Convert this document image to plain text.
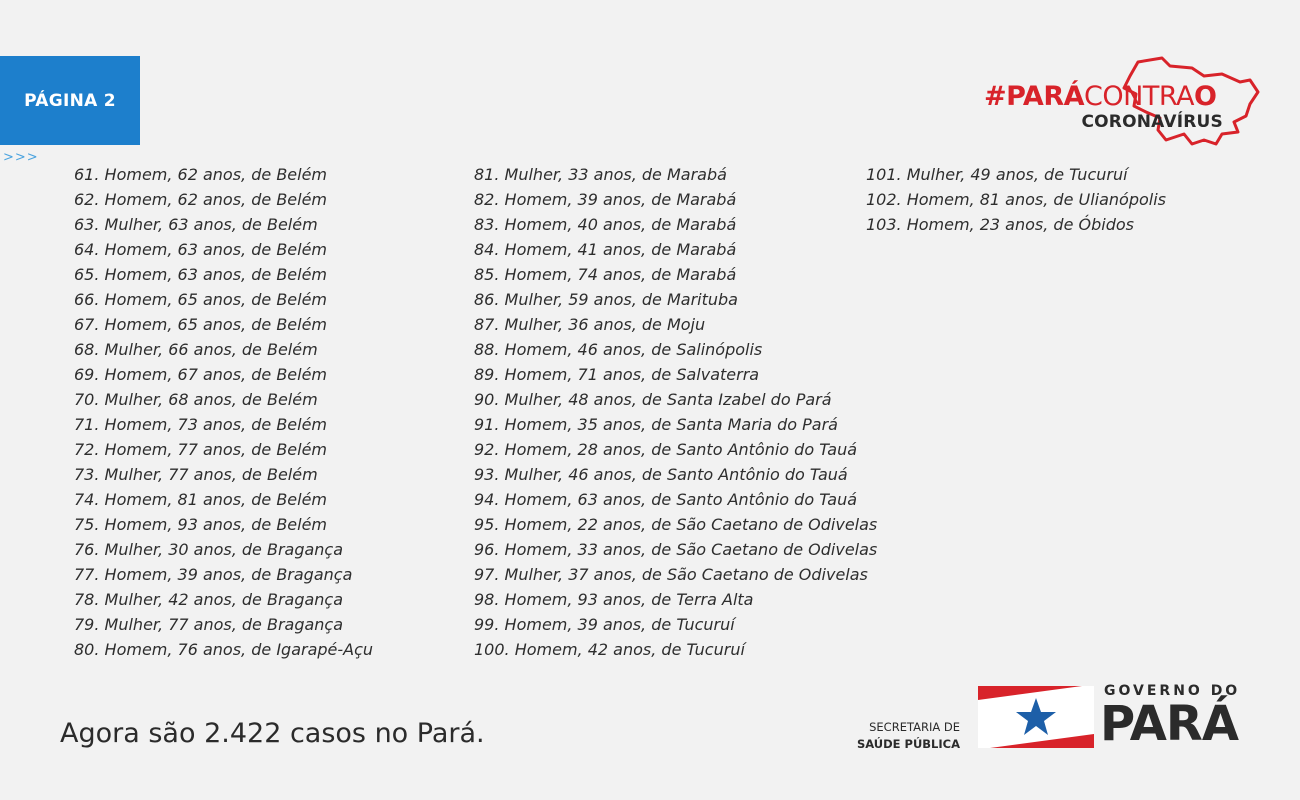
PÁGINA 2
>>>
#PARÁCONTRAO
CORONAVÍRUS
61. Homem, 62 anos, de Belém
62. Homem, 62 anos, de Belém
63. Mulher, 63 anos, de Belém
64. Homem, 63 anos, de Belém
65. Homem, 63 anos, de Belém
66. Homem, 65 anos, de Belém
67. Homem, 65 anos, de Belém
68. Mulher, 66 anos, de Belém
69. Homem, 67 anos, de Belém
70. Mulher, 68 anos, de Belém
71. Homem, 73 anos, de Belém
72. Homem, 77 anos, de Belém
73. Mulher, 77 anos, de Belém
74. Homem, 81 anos, de Belém
75. Homem, 93 anos, de Belém
76. Mulher, 30 anos, de Bragança
77. Homem, 39 anos, de Bragança
78. Mulher, 42 anos, de Bragança
79. Mulher, 77 anos, de Bragança
80. Homem, 76 anos, de Igarapé-Açu
81. Mulher, 33 anos, de Marabá
82. Homem, 39 anos, de Marabá
83. Homem, 40 anos, de Marabá
84. Homem, 41 anos, de Marabá
85. Homem, 74 anos, de Marabá
86. Mulher, 59 anos, de Marituba
87. Mulher, 36 anos, de Moju
88. Homem, 46 anos, de Salinópolis
89. Homem, 71 anos, de Salvaterra
90. Mulher, 48 anos, de Santa Izabel do Pará
91. Homem, 35 anos, de Santa Maria do Pará
92. Homem, 28 anos, de Santo Antônio do Tauá
93. Mulher, 46 anos, de Santo Antônio do Tauá
94. Homem, 63 anos, de Santo Antônio do Tauá
95. Homem, 22 anos, de São Caetano de Odivelas
96. Homem, 33 anos, de São Caetano de Odivelas
97. Mulher, 37 anos, de São Caetano de Odivelas
98. Homem, 93 anos, de Terra Alta
99. Homem, 39 anos, de Tucuruí
100. Homem, 42 anos, de Tucuruí
101. Mulher, 49 anos, de Tucuruí
102. Homem, 81 anos, de Ulianópolis
103. Homem, 23 anos, de Óbidos
Agora são 2.422 casos no Pará.	SECRETARIA DE
SAÚDE PÚBLICA
GOVERNO DO
PARÁ
